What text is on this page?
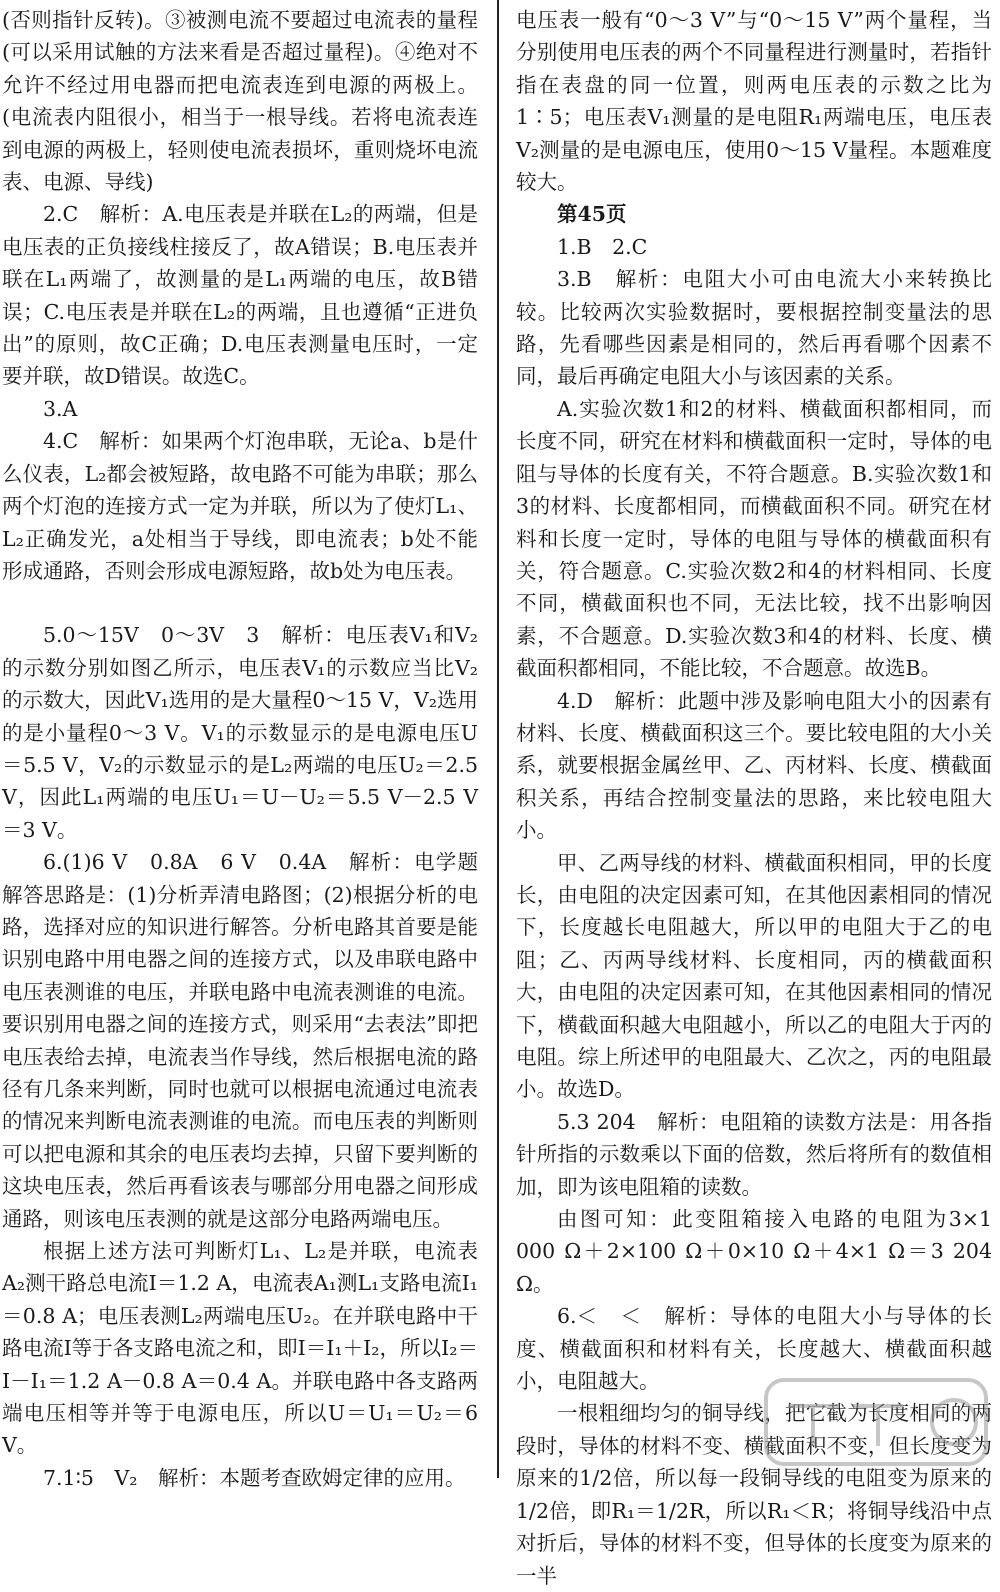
(否则指针反转)。③被测电流不要超过电流表的量程(可以采用试触的方法来看是否超过量程)。④绝对不允许不经过用电器而把电流表连到电源的两极上。(电流表内阻很小，相当于一根导线。若将电流表连到电源的两极上，轻则使电流表损坏，重则烧坏电流表、电源、导线)

2.C　解析：A.电压表是并联在L₂的两端，但是电压表的正负接线柱接反了，故A错误；B.电压表并联在L₁两端了，故测量的是L₁两端的电压，故B错误；C.电压表是并联在L₂的两端，且也遵循“正进负出”的原则，故C正确；D.电压表测量电压时，一定要并联，故D错误。故选C。

3.A

4.C　解析：如果两个灯泡串联，无论a、b是什么仪表，L₂都会被短路，故电路不可能为串联；那么两个灯泡的连接方式一定为并联，所以为了使灯L₁、L₂正确发光，a处相当于导线，即电流表；b处不能形成通路，否则会形成电源短路，故b处为电压表。

5.0～15V　0～3V　3　解析：电压表V₁和V₂的示数分别如图乙所示，电压表V₁的示数应当比V₂的示数大，因此V₁选用的是大量程0～15 V，V₂选用的是小量程0～3 V。V₁的示数显示的是电源电压U＝5.5 V，V₂的示数显示的是L₂两端的电压U₂＝2.5 V，因此L₁两端的电压U₁＝U－U₂＝5.5 V－2.5 V＝3 V。

6.(1)6 V　0.8A　6 V　0.4A　解析：电学题解答思路是：(1)分析弄清电路图；(2)根据分析的电路，选择对应的知识进行解答。分析电路其首要是能识别电路中用电器之间的连接方式，以及串联电路中电压表测谁的电压，并联电路中电流表测谁的电流。要识别用电器之间的连接方式，则采用“去表法”即把电压表给去掉，电流表当作导线，然后根据电流的路径有几条来判断，同时也就可以根据电流通过电流表的情况来判断电流表测谁的电流。而电压表的判断则可以把电源和其余的电压表均去掉，只留下要判断的这块电压表，然后再看该表与哪部分用电器之间形成通路，则该电压表测的就是这部分电路两端电压。

根据上述方法可判断灯L₁、L₂是并联，电流表A₂测干路总电流I＝1.2 A，电流表A₁测L₁支路电流I₁＝0.8 A；电压表测L₂两端电压U₂。在并联电路中干路电流I等于各支路电流之和，即I＝I₁＋I₂，所以I₂＝I－I₁＝1.2 A－0.8 A＝0.4 A。并联电路中各支路两端电压相等并等于电源电压，所以U＝U₁＝U₂＝6 V。

7.1∶5　V₂　解析：本题考查欧姆定律的应用。

电压表一般有“0～3 V”与“0～15 V”两个量程，当分别使用电压表的两个不同量程进行测量时，若指针指在表盘的同一位置，则两电压表的示数之比为1∶5；电压表V₁测量的是电阻R₁两端电压，电压表V₂测量的是电源电压，使用0～15 V量程。本题难度较大。

第45页

1.B　2.C

3.B　解析：电阻大小可由电流大小来转换比较。比较两次实验数据时，要根据控制变量法的思路，先看哪些因素是相同的，然后再看哪个因素不同，最后再确定电阻大小与该因素的关系。

A.实验次数1和2的材料、横截面积都相同，而长度不同，研究在材料和横截面积一定时，导体的电阻与导体的长度有关，不符合题意。B.实验次数1和3的材料、长度都相同，而横截面积不同。研究在材料和长度一定时，导体的电阻与导体的横截面积有关，符合题意。C.实验次数2和4的材料相同、长度不同，横截面积也不同，无法比较，找不出影响因素，不合题意。D.实验次数3和4的材料、长度、横截面积都相同，不能比较，不合题意。故选B。

4.D　解析：此题中涉及影响电阻大小的因素有材料、长度、横截面积这三个。要比较电阻的大小关系，就要根据金属丝甲、乙、丙材料、长度、横截面积关系，再结合控制变量法的思路，来比较电阻大小。

甲、乙两导线的材料、横截面积相同，甲的长度长，由电阻的决定因素可知，在其他因素相同的情况下，长度越长电阻越大，所以甲的电阻大于乙的电阻；乙、丙两导线材料、长度相同，丙的横截面积大，由电阻的决定因素可知，在其他因素相同的情况下，横截面积越大电阻越小，所以乙的电阻大于丙的电阻。综上所述甲的电阻最大、乙次之，丙的电阻最小。故选D。

5.3 204　解析：电阻箱的读数方法是：用各指针所指的示数乘以下面的倍数，然后将所有的数值相加，即为该电阻箱的读数。

由图可知：此变阻箱接入电路的电阻为3×1 000 Ω＋2×100 Ω＋0×10 Ω＋4×1 Ω＝3 204 Ω。

6.＜　＜　解析：导体的电阻大小与导体的长度、横截面积和材料有关，长度越大、横截面积越小，电阻越大。

一根粗细均匀的铜导线，把它截为长度相同的两段时，导体的材料不变、横截面积不变，但长度变为原来的1/2倍，所以每一段铜导线的电阻变为原来的1/2倍，即R₁＝1/2R，所以R₁＜R；将铜导线沿中点对折后，导体的材料不变，但导体的长度变为原来的一半
